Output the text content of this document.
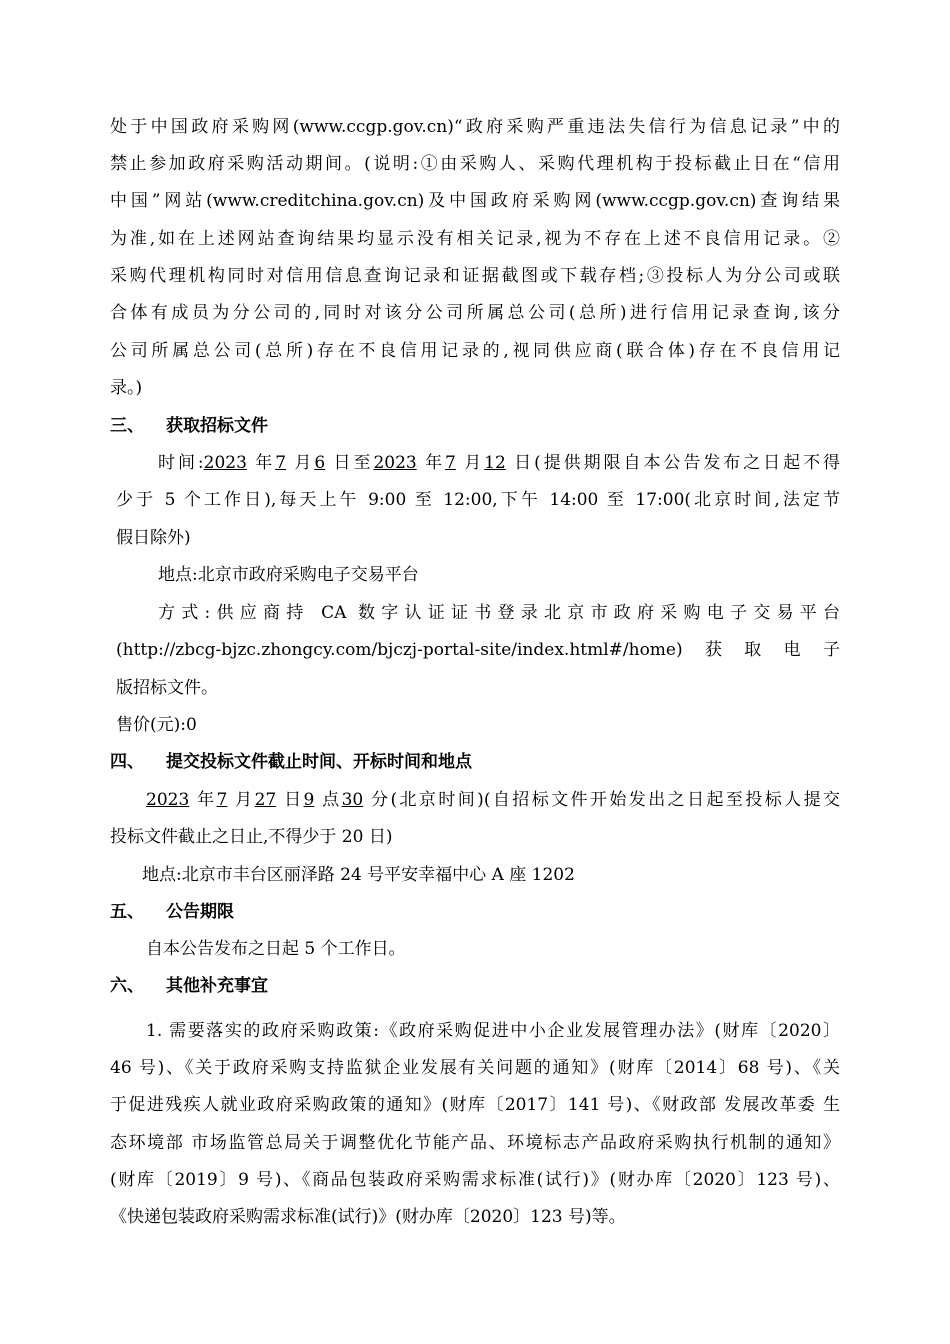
处于中国政府采购网(www.ccgp.gov.cn)“政府采购严重违法失信行为信息记录”中的
禁止参加政府采购活动期间。(说明:①由采购人、采购代理机构于投标截止日在“信用
中国”网站(www.creditchina.gov.cn)及中国政府采购网(www.ccgp.gov.cn)查询结果
为准,如在上述网站查询结果均显示没有相关记录,视为不存在上述不良信用记录。②
采购代理机构同时对信用信息查询记录和证据截图或下载存档;③投标人为分公司或联
合体有成员为分公司的,同时对该分公司所属总公司(总所)进行信用记录查询,该分
公司所属总公司(总所)存在不良信用记录的,视同供应商(联合体)存在不良信用记
录。)
三、 获取招标文件
时间:2023 年7 月6 日至2023 年7 月12 日(提供期限自本公告发布之日起不得
少于 5 个工作日),每天上午 9:00 至 12:00,下午 14:00 至 17:00(北京时间,法定节
假日除外)
地点:北京市政府采购电子交易平台
方式:供应商持 CA 数字认证证书登录北京市政府采购电子交易平台
(http://zbcg-bjzc.zhongcy.com/bjczj-portal-site/index.html#/home)获取电子
版招标文件。
售价(元):0
四、 提交投标文件截止时间、开标时间和地点
2023 年7 月27 日9 点30 分(北京时间)(自招标文件开始发出之日起至投标人提交
投标文件截止之日止,不得少于 20 日)
地点:北京市丰台区丽泽路 24 号平安幸福中心 A 座 1202
五、 公告期限
自本公告发布之日起 5 个工作日。
六、 其他补充事宜
1. 需要落实的政府采购政策:《政府采购促进中小企业发展管理办法》(财库〔2020〕
46 号)、《关于政府采购支持监狱企业发展有关问题的通知》(财库〔2014〕68 号)、《关
于促进残疾人就业政府采购政策的通知》(财库〔2017〕141 号)、《财政部 发展改革委 生
态环境部 市场监管总局关于调整优化节能产品、环境标志产品政府采购执行机制的通知》
(财库〔2019〕9 号)、《商品包装政府采购需求标准(试行)》(财办库〔2020〕123 号)、
《快递包装政府采购需求标准(试行)》(财办库〔2020〕123 号)等。
